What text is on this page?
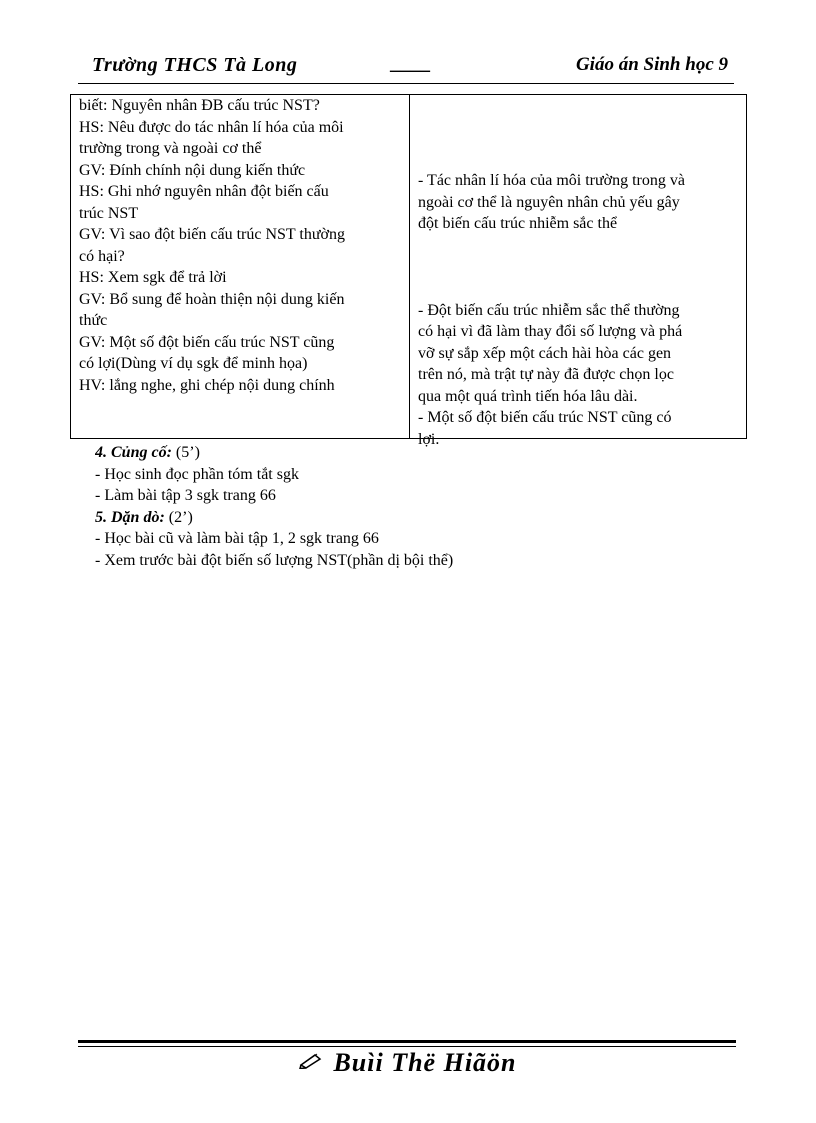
Trường THCS Tà Long	____	Giáo án Sinh học 9
biết: Nguyên nhân ĐB cấu trúc NST?
HS: Nêu được do tác nhân lí hóa của môi
trường trong và ngoài cơ thể
GV: Đính chính nội dung kiến thức
HS: Ghi nhớ nguyên nhân đột biến cấu
trúc NST
GV: Vì sao đột biến cấu trúc NST thường
có hại?
HS: Xem sgk để trả lời
GV: Bổ sung để hoàn thiện nội dung kiến
thức
GV: Một số đột biến cấu trúc NST cũng
có lợi(Dùng ví dụ sgk để minh họa)
HV: lắng nghe, ghi chép nội dung chính
- Tác nhân lí hóa của môi trường trong và
ngoài cơ thể là nguyên nhân chủ yếu gây
đột biến cấu trúc nhiễm sắc thể
- Đột biến cấu trúc nhiễm sắc thể thường
có hại vì đã làm thay đổi số lượng và phá
vỡ sự sắp xếp một cách hài hòa các gen
trên nó, mà trật tự này đã được chọn lọc
qua một quá trình tiến hóa lâu dài.
- Một số đột biến cấu trúc NST cũng có
lợi.
4. Củng cố: (5’)
- Học sinh đọc phần tóm tắt sgk
- Làm bài tập 3 sgk trang 66
5. Dặn dò: (2’)
- Học bài cũ và làm bài tập 1, 2 sgk trang 66
- Xem trước bài đột biến số lượng NST(phần dị bội thể)
Buìi Thë Hiãön
